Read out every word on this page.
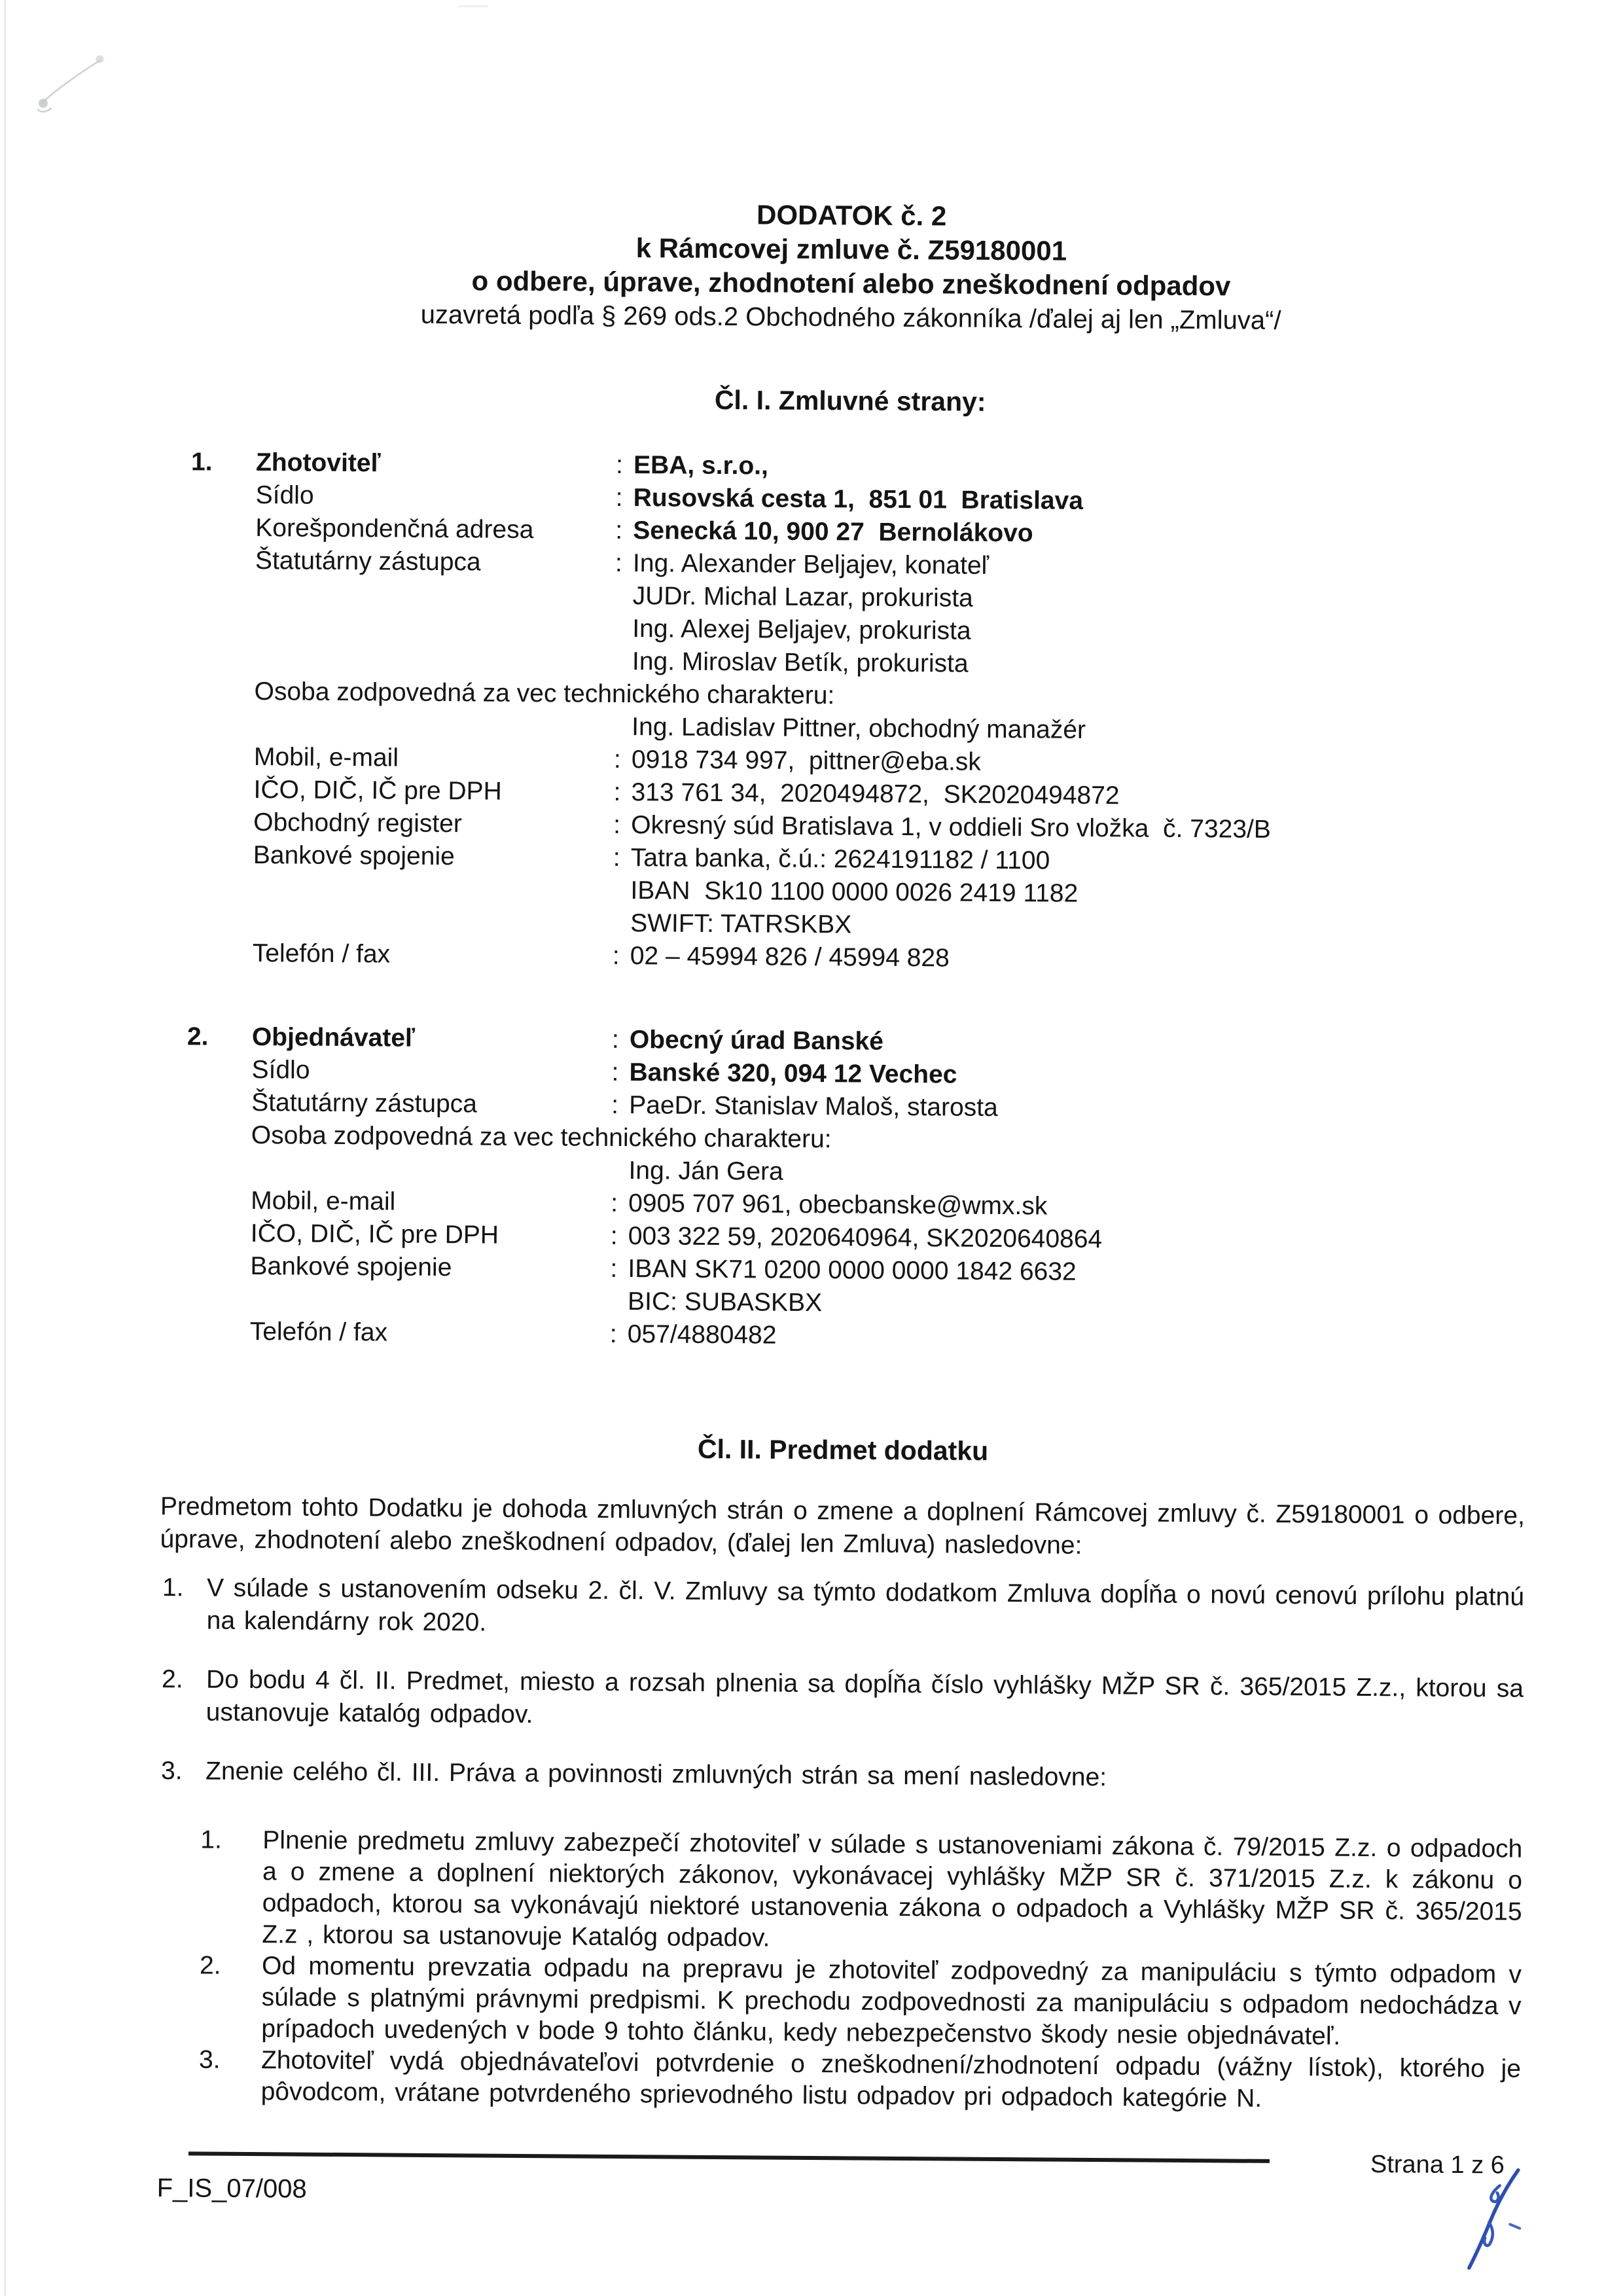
DODATOK č. 2
k Rámcovej zmluve č. Z59180001
o odbere, úprave, zhodnotení alebo zneškodnení odpadov
uzavretá podľa § 269 ods.2 Obchodného zákonníka /ďalej aj len „Zmluva“/
Čl. I. Zmluvné strany:
1.	Zhotoviteľ	: EBA, s.r.o.,
Sídlo	: Rusovská cesta 1,  851 01  Bratislava
Korešpondenčná adresa	: Senecká 10, 900 27  Bernolákovo
Štatutárny zástupca	: Ing. Alexander Beljajev, konateľ
JUDr. Michal Lazar, prokurista
Ing. Alexej Beljajev, prokurista
Ing. Miroslav Betík, prokurista
Osoba zodpovedná za vec technického charakteru:
Ing. Ladislav Pittner, obchodný manažér
Mobil, e-mail	: 0918 734 997,  pittner@eba.sk
IČO, DIČ, IČ pre DPH	: 313 761 34,  2020494872,  SK2020494872
Obchodný register	: Okresný súd Bratislava 1, v oddieli Sro vložka  č. 7323/B
Bankové spojenie	: Tatra banka, č.ú.: 2624191182 / 1100
IBAN  Sk10 1100 0000 0026 2419 1182
SWIFT: TATRSKBX
Telefón / fax	: 02 – 45994 826 / 45994 828
2.	Objednávateľ	: Obecný úrad Banské
Sídlo	: Banské 320, 094 12 Vechec
Štatutárny zástupca	: PaeDr. Stanislav Maloš, starosta
Osoba zodpovedná za vec technického charakteru:
Ing. Ján Gera
Mobil, e-mail	: 0905 707 961, obecbanske@wmx.sk
IČO, DIČ, IČ pre DPH	: 003 322 59, 2020640964, SK2020640864
Bankové spojenie	: IBAN SK71 0200 0000 0000 1842 6632
BIC: SUBASKBX
Telefón / fax	: 057/4880482
Čl. II. Predmet dodatku
Predmetom tohto Dodatku je dohoda zmluvných strán o zmene a doplnení Rámcovej zmluvy č. Z59180001 o odbere, úprave, zhodnotení alebo zneškodnení odpadov, (ďalej len Zmluva) nasledovne:
1. V súlade s ustanovením odseku 2. čl. V. Zmluvy sa týmto dodatkom Zmluva dopĺňa o novú cenovú prílohu platnú na kalendárny rok 2020.
2. Do bodu 4 čl. II. Predmet, miesto a rozsah plnenia sa dopĺňa číslo vyhlášky MŽP SR č. 365/2015 Z.z., ktorou sa ustanovuje katalóg odpadov.
3. Znenie celého čl. III. Práva a povinnosti zmluvných strán sa mení nasledovne:
1.	Plnenie predmetu zmluvy zabezpečí zhotoviteľ v súlade s ustanoveniami zákona č. 79/2015 Z.z. o odpadoch a o zmene a doplnení niektorých zákonov, vykonávacej vyhlášky MŽP SR č. 371/2015 Z.z. k zákonu o odpadoch, ktorou sa vykonávajú niektoré ustanovenia zákona o odpadoch a Vyhlášky MŽP SR č. 365/2015 Z.z , ktorou sa ustanovuje Katalóg odpadov.
2.	Od momentu prevzatia odpadu na prepravu je zhotoviteľ zodpovedný za manipuláciu s týmto odpadom v súlade s platnými právnymi predpismi. K prechodu zodpovednosti za manipuláciu s odpadom nedochádza v prípadoch uvedených v bode 9 tohto článku, kedy nebezpečenstvo škody nesie objednávateľ.
3.	Zhotoviteľ vydá objednávateľovi potvrdenie o zneškodnení/zhodnotení odpadu (vážny lístok), ktorého je pôvodcom, vrátane potvrdeného sprievodného listu odpadov pri odpadoch kategórie N.
Strana 1 z 6
F_IS_07/008
